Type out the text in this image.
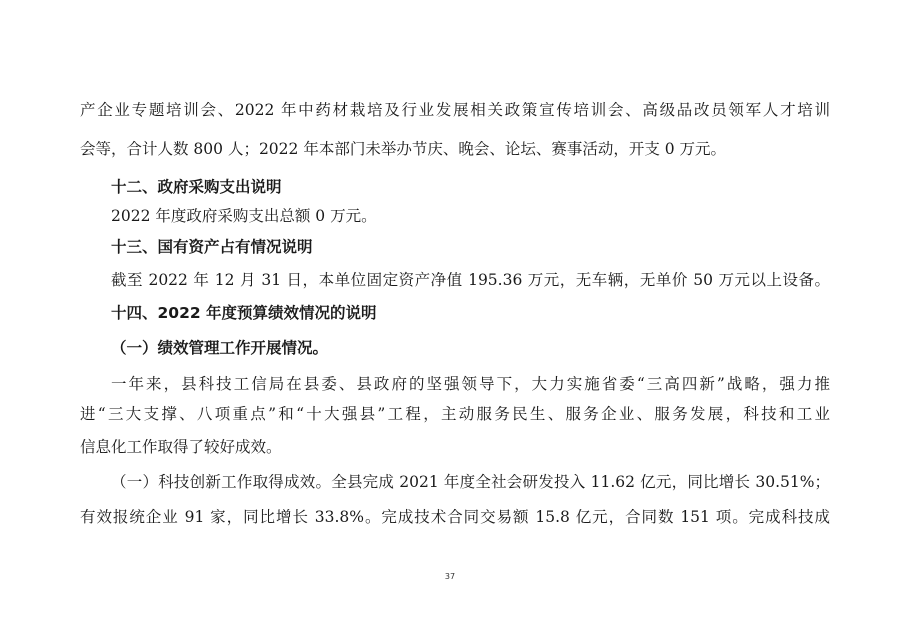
产企业专题培训会、2022 年中药材栽培及行业发展相关政策宣传培训会、高级品改员领军人才培训
会等，合计人数 800 人；2022 年本部门未举办节庆、晚会、论坛、赛事活动，开支 0 万元。
十二、政府采购支出说明
2022 年度政府采购支出总额 0 万元。
十三、国有资产占有情况说明
截至 2022 年 12 月 31 日，本单位固定资产净值 195.36 万元，无车辆，无单价 50 万元以上设备。
十四、2022 年度预算绩效情况的说明
（一）绩效管理工作开展情况。
一年来，县科技工信局在县委、县政府的坚强领导下，大力实施省委“三高四新”战略，强力推
进“三大支撑、八项重点”和“十大强县”工程，主动服务民生、服务企业、服务发展，科技和工业
信息化工作取得了较好成效。
（一）科技创新工作取得成效。全县完成 2021 年度全社会研发投入 11.62 亿元，同比增长 30.51%；
有效报统企业 91 家，同比增长 33.8%。完成技术合同交易额 15.8 亿元，合同数 151 项。完成科技成
37
